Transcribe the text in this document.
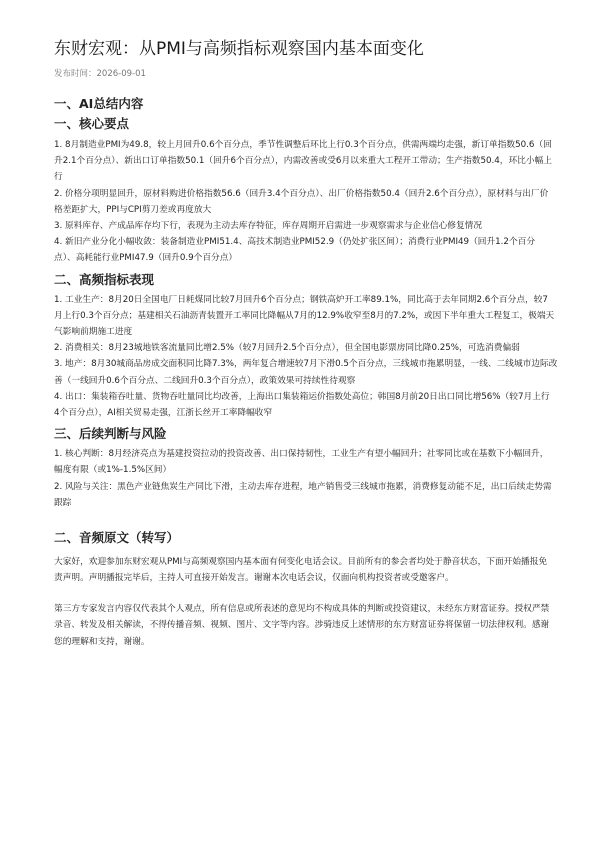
东财宏观：从PMI与高频指标观察国内基本面变化
发布时间：2026-09-01
一、AI总结内容
一、核心要点
1. 8月制造业PMI为49.8，较上月回升0.6个百分点，季节性调整后环比上行0.3个百分点，供需两端均走强，新订单指数50.6（回升2.1个百分点）、新出口订单指数50.1（回升6个百分点），内需改善或受6月以来重大工程开工带动；生产指数50.4，环比小幅上行
2. 价格分项明显回升，原材料购进价格指数56.6（回升3.4个百分点）、出厂价格指数50.4（回升2.6个百分点），原材料与出厂价格差距扩大，PPI与CPI剪刀差或再度放大
3. 原料库存、产成品库存均下行，表现为主动去库存特征，库存周期开启需进一步观察需求与企业信心修复情况
4. 新旧产业分化小幅收敛：装备制造业PMI51.4、高技术制造业PMI52.9（仍处扩张区间）；消费行业PMI49（回升1.2个百分点）、高耗能行业PMI47.9（回升0.9个百分点）
二、高频指标表现
1. 工业生产：8月20日全国电厂日耗煤同比较7月回升6个百分点；钢铁高炉开工率89.1%，同比高于去年同期2.6个百分点，较7月上行0.3个百分点；基建相关石油沥青装置开工率同比降幅从7月的12.9%收窄至8月的7.2%，或因下半年重大工程复工，极端天气影响前期施工进度
2. 消费相关：8月23城地铁客流量同比增2.5%（较7月回升2.5个百分点），但全国电影票房同比降0.25%，可选消费偏弱
3. 地产：8月30城商品房成交面积同比降7.3%，两年复合增速较7月下滑0.5个百分点，三线城市拖累明显，一线、二线城市边际改善（一线回升0.6个百分点、二线回升0.3个百分点），政策效果可持续性待观察
4. 出口：集装箱吞吐量、货物吞吐量同比均改善，上海出口集装箱运价指数处高位；韩国8月前20日出口同比增56%（较7月上行4个百分点），AI相关贸易走强，江浙长丝开工率降幅收窄
三、后续判断与风险
1. 核心判断：8月经济亮点为基建投资拉动的投资改善、出口保持韧性，工业生产有望小幅回升；社零同比或在基数下小幅回升，幅度有限（或1%-1.5%区间）
2. 风险与关注：黑色产业链焦炭生产同比下滑，主动去库存进程，地产销售受三线城市拖累，消费修复动能不足，出口后续走势需跟踪
二、音频原文（转写）

大家好，欢迎参加东财宏观从PMI与高频观察国内基本面有何变化电话会议。目前所有的参会者均处于静音状态，下面开始播报免责声明。声明播报完毕后，主持人可直接开始发言。谢谢本次电话会议，仅面向机构投资者或受邀客户。

第三方专家发言内容仅代表其个人观点，所有信息或所表述的意见均不构成具体的判断或投资建议，未经东方财富证券。授权严禁录音、转发及相关解读，不得传播音频、视频、图片、文字等内容。涉骑违反上述情形的东方财富证券将保留一切法律权利。感谢您的理解和支持，谢谢。
